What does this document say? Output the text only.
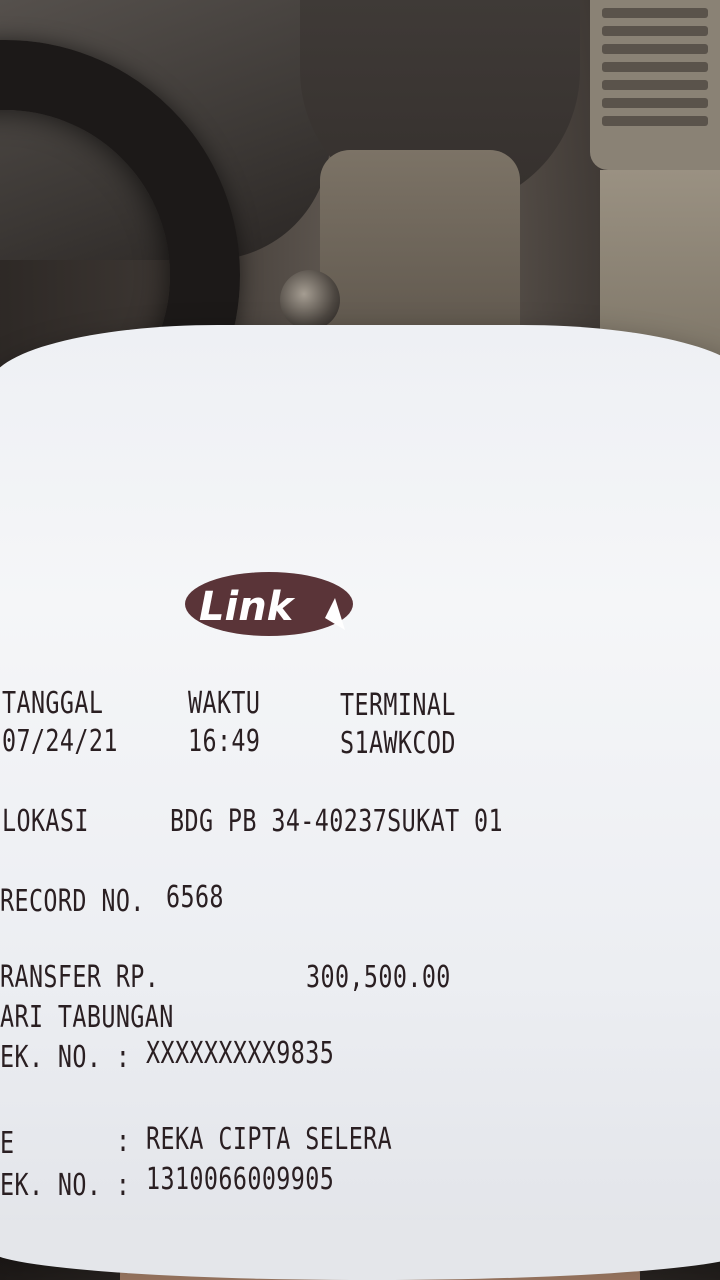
Link
TANGGAL	WAKTU	TERMINAL
07/24/21 16:49	S1AWKCOD
LOKASI	BDG PB 34-40237SUKAT 01
RECORD NO. 6568
RANSFER RP.	300,500.00
ARI TABUNGAN
EK. NO. : XXXXXXXXX9835
E	: REKA CIPTA SELERA
EK. NO. : 1310066009905
